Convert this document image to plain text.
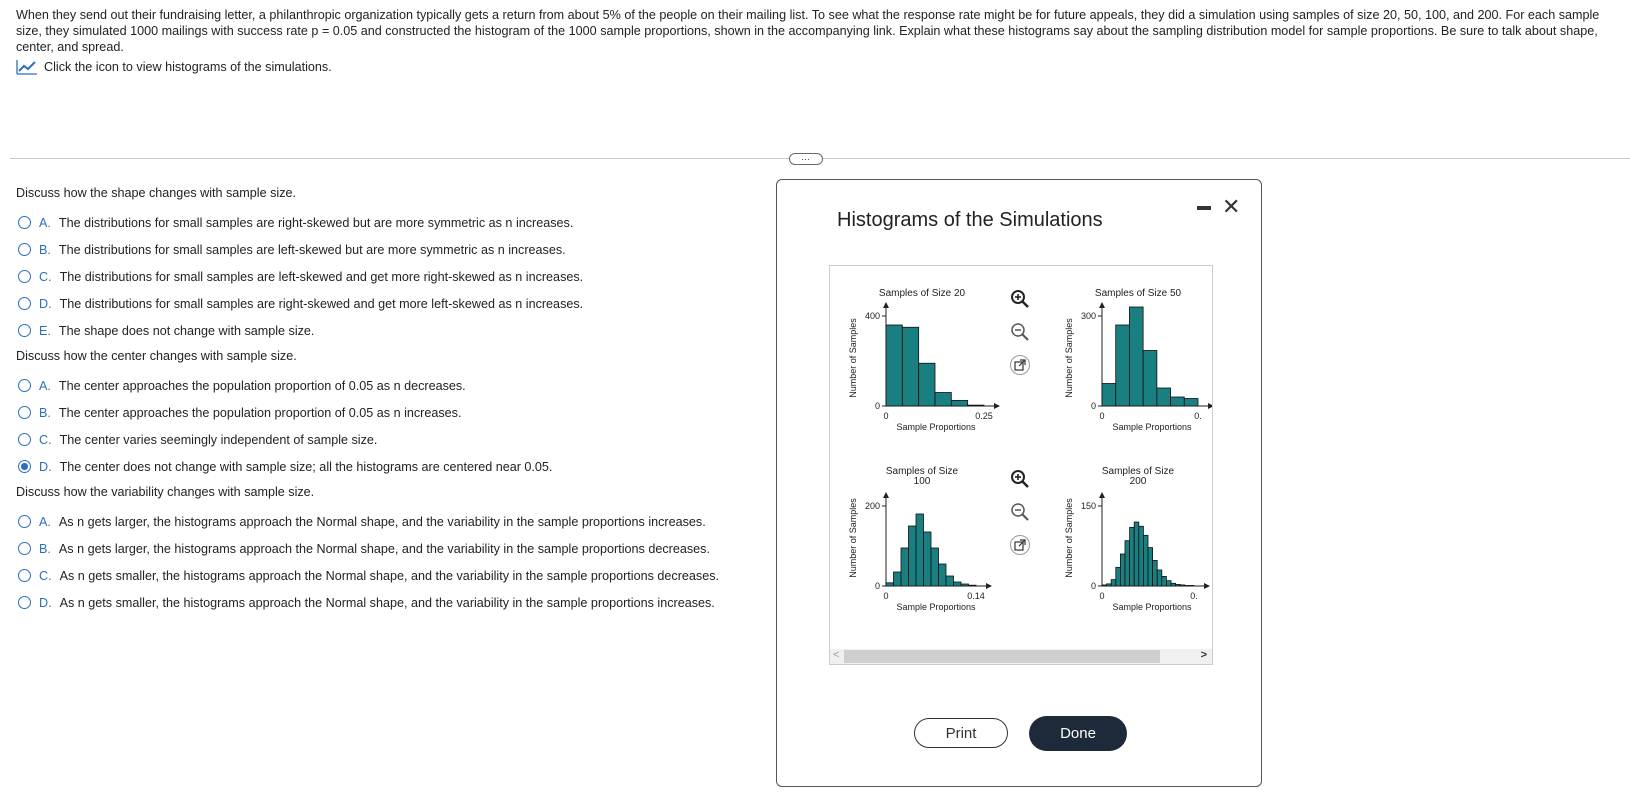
When they send out their fundraising letter, a philanthropic organization typically gets a return from about 5% of the people on their mailing list. To see what the response rate might be for future appeals, they did a simulation using samples of size 20, 50, 100, and 200. For each sample size, they simulated 1000 mailings with success rate p = 0.05 and constructed the histogram of the 1000 sample proportions, shown in the accompanying link. Explain what these histograms say about the sampling distribution model for sample proportions. Be sure to talk about shape, center, and spread.

Click the icon to view histograms of the simulations.
…

Discuss how the shape changes with sample size.

A. The distributions for small samples are right-skewed but are more symmetric as n increases.
B. The distributions for small samples are left-skewed but are more symmetric as n increases.
C. The distributions for small samples are left-skewed and get more right-skewed as n increases.
D. The distributions for small samples are right-skewed and get more left-skewed as n increases.
E. The shape does not change with sample size.

Discuss how the center changes with sample size.

A. The center approaches the population proportion of 0.05 as n decreases.
B. The center approaches the population proportion of 0.05 as n increases.
C. The center varies seemingly independent of sample size.
D. The center does not change with sample size; all the histograms are centered near 0.05.

Discuss how the variability changes with sample size.

A. As n gets larger, the histograms approach the Normal shape, and the variability in the sample proportions increases.
B. As n gets larger, the histograms approach the Normal shape, and the variability in the sample proportions decreases.
C. As n gets smaller, the histograms approach the Normal shape, and the variability in the sample proportions decreases.
D. As n gets smaller, the histograms approach the Normal shape, and the variability in the sample proportions increases.
Histograms of the Simulations
✕
Samples of Size 20
Number of Samples
400
0
0	0.25
Sample Proportions
Samples of Size 50
Number of Samples
300
0
0	0.
Sample Proportions
Samples of Size
100
Number of Samples 200
0
0	0.14
Sample Proportions
Samples of Size
200
Number of Samples 150
0
0	0.
Sample Proportions
<	>
Print	Done
